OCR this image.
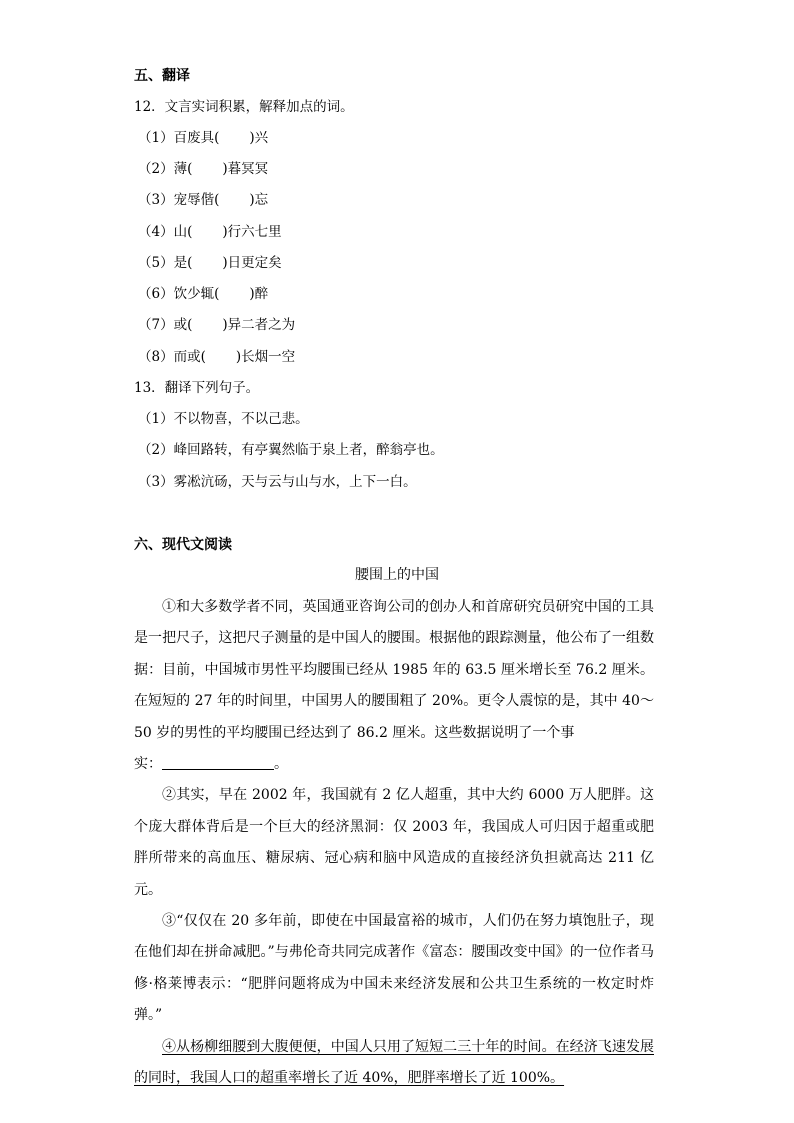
五、翻译
12．文言实词积累，解释加点的词。
（1）百废具( )兴
（2）薄( )暮冥冥
（3）宠辱偕( )忘
（4）山( )行六七里
（5）是( )日更定矣
（6）饮少辄( )醉
（7）或( )异二者之为
（8）而或( )长烟一空
13．翻译下列句子。
（1）不以物喜，不以己悲。
（2）峰回路转，有亭翼然临于泉上者，醉翁亭也。
（3）雾凇沆砀，天与云与山与水，上下一白。
六、现代文阅读
腰围上的中国

①和大多数学者不同，英国通亚咨询公司的创办人和首席研究员研究中国的工具是一把尺子，这把尺子测量的是中国人的腰围。根据他的跟踪测量，他公布了一组数据：目前，中国城市男性平均腰围已经从 1985 年的 63.5 厘米增长至 76.2 厘米。在短短的 27 年的时间里，中国男人的腰围粗了 20%。更令人震惊的是，其中 40～50 岁的男性的平均腰围已经达到了 86.2 厘米。这些数据说明了一个事

实：	。

②其实，早在 2002 年，我国就有 2 亿人超重，其中大约 6000 万人肥胖。这个庞大群体背后是一个巨大的经济黑洞：仅 2003 年，我国成人可归因于超重或肥胖所带来的高血压、糖尿病、冠心病和脑中风造成的直接经济负担就高达 211 亿元。

③“仅仅在 20 多年前，即使在中国最富裕的城市，人们仍在努力填饱肚子，现在他们却在拼命减肥。”与弗伦奇共同完成著作《富态：腰围改变中国》的一位作者马修·格莱博表示：“肥胖问题将成为中国未来经济发展和公共卫生系统的一枚定时炸弹。”

④从杨柳细腰到大腹便便，中国人只用了短短二三十年的时间。在经济飞速发展的同时，我国人口的超重率增长了近 40%，肥胖率增长了近 100%。
